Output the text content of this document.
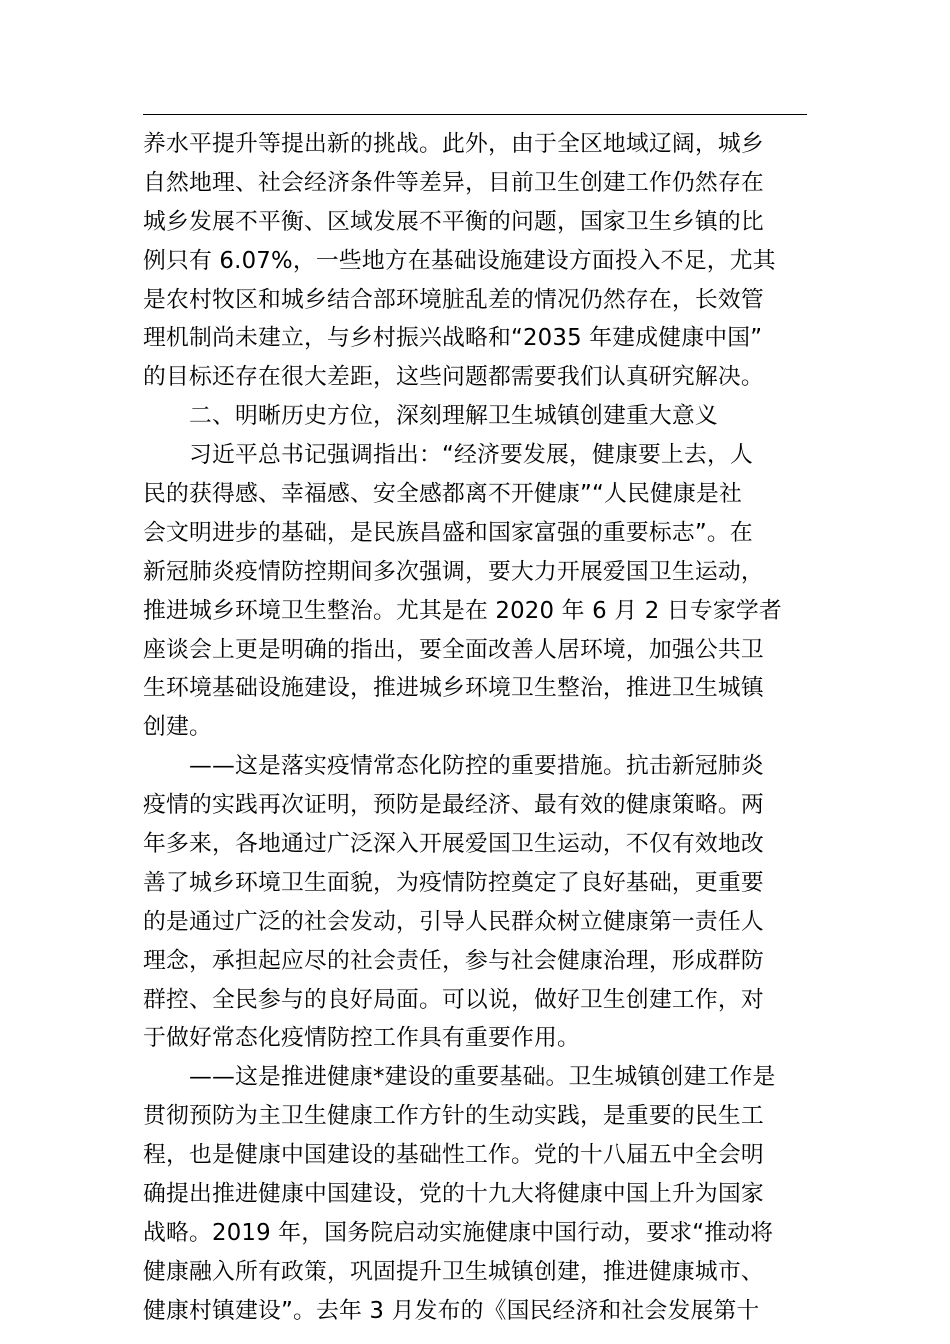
养水平提升等提出新的挑战。此外，由于全区地域辽阔，城乡
自然地理、社会经济条件等差异，目前卫生创建工作仍然存在
城乡发展不平衡、区域发展不平衡的问题，国家卫生乡镇的比
例只有 6.07%，一些地方在基础设施建设方面投入不足，尤其
是农村牧区和城乡结合部环境脏乱差的情况仍然存在，长效管
理机制尚未建立，与乡村振兴战略和“2035 年建成健康中国”
的目标还存在很大差距，这些问题都需要我们认真研究解决。
二、明晰历史方位，深刻理解卫生城镇创建重大意义
习近平总书记强调指出：“经济要发展，健康要上去，人
民的获得感、幸福感、安全感都离不开健康”“人民健康是社
会文明进步的基础，是民族昌盛和国家富强的重要标志”。在
新冠肺炎疫情防控期间多次强调，要大力开展爱国卫生运动，
推进城乡环境卫生整治。尤其是在 2020 年 6 月 2 日专家学者
座谈会上更是明确的指出，要全面改善人居环境，加强公共卫
生环境基础设施建设，推进城乡环境卫生整治，推进卫生城镇
创建。
——这是落实疫情常态化防控的重要措施。抗击新冠肺炎
疫情的实践再次证明，预防是最经济、最有效的健康策略。两
年多来，各地通过广泛深入开展爱国卫生运动，不仅有效地改
善了城乡环境卫生面貌，为疫情防控奠定了良好基础，更重要
的是通过广泛的社会发动，引导人民群众树立健康第一责任人
理念，承担起应尽的社会责任，参与社会健康治理，形成群防
群控、全民参与的良好局面。可以说，做好卫生创建工作，对
于做好常态化疫情防控工作具有重要作用。
——这是推进健康*建设的重要基础。卫生城镇创建工作是
贯彻预防为主卫生健康工作方针的生动实践，是重要的民生工
程，也是健康中国建设的基础性工作。党的十八届五中全会明
确提出推进健康中国建设，党的十九大将健康中国上升为国家
战略。2019 年，国务院启动实施健康中国行动，要求“推动将
健康融入所有政策，巩固提升卫生城镇创建，推进健康城市、
健康村镇建设”。去年 3 月发布的《国民经济和社会发展第十
